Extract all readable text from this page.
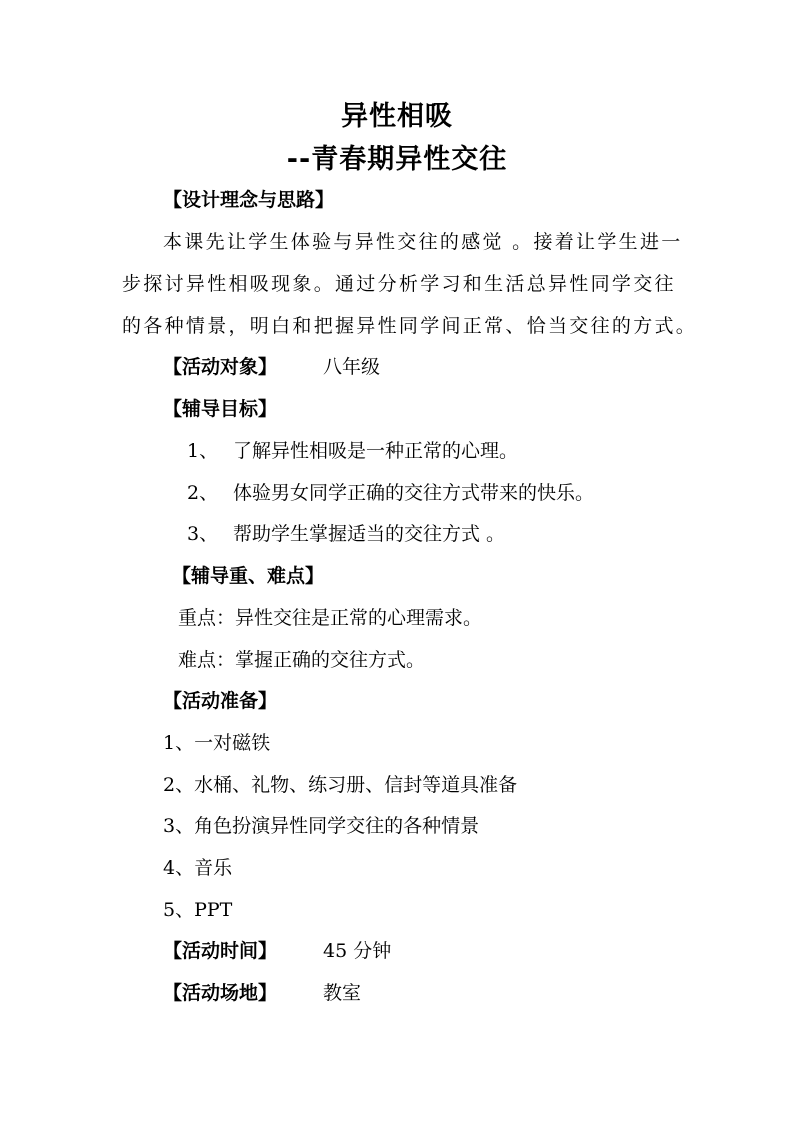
异性相吸
--青春期异性交往
【设计理念与思路】
本课先让学生体验与异性交往的感觉 。接着让学生进一
步探讨异性相吸现象。通过分析学习和生活总异性同学交往
的各种情景，明白和把握异性同学间正常、恰当交往的方式。
【活动对象】 八年级
【辅导目标】
1、 了解异性相吸是一种正常的心理。
2、 体验男女同学正确的交往方式带来的快乐。
3、 帮助学生掌握适当的交往方式 。
【辅导重、难点】
重点：异性交往是正常的心理需求。
难点：掌握正确的交往方式。
【活动准备】
1、一对磁铁
2、水桶、礼物、练习册、信封等道具准备
3、角色扮演异性同学交往的各种情景
4、音乐
5、PPT
【活动时间】 45 分钟
【活动场地】 教室
